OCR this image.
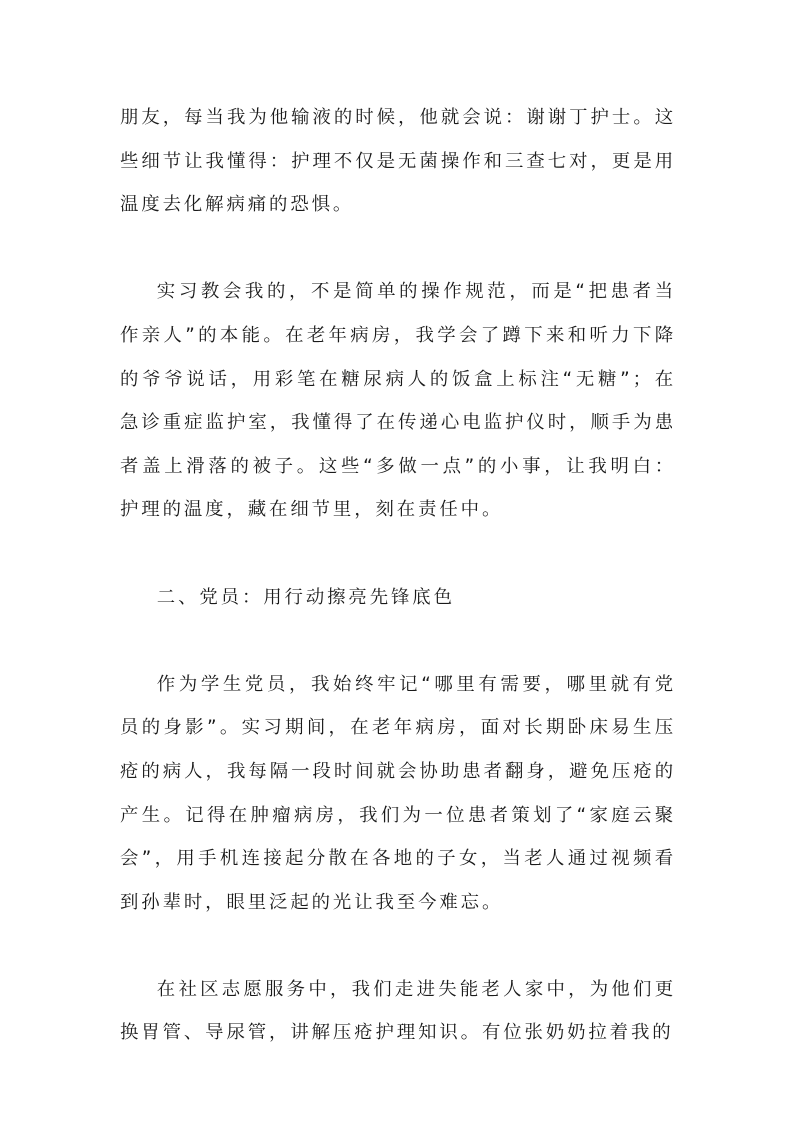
朋友，每当我为他输液的时候，他就会说：谢谢丁护士。这些细节让我懂得：护理不仅是无菌操作和三查七对，更是用温度去化解病痛的恐惧。

实习教会我的，不是简单的操作规范，而是“把患者当作亲人”的本能。在老年病房，我学会了蹲下来和听力下降的爷爷说话，用彩笔在糖尿病人的饭盒上标注“无糖”；在急诊重症监护室，我懂得了在传递心电监护仪时，顺手为患者盖上滑落的被子。这些“多做一点”的小事，让我明白：护理的温度，藏在细节里，刻在责任中。

二、党员：用行动擦亮先锋底色

作为学生党员，我始终牢记“哪里有需要，哪里就有党员的身影”。实习期间，在老年病房，面对长期卧床易生压疮的病人，我每隔一段时间就会协助患者翻身，避免压疮的产生。记得在肿瘤病房，我们为一位患者策划了“家庭云聚会”，用手机连接起分散在各地的子女，当老人通过视频看到孙辈时，眼里泛起的光让我至今难忘。

在社区志愿服务中，我们走进失能老人家中，为他们更换胃管、导尿管，讲解压疮护理知识。有位张奶奶拉着我的
